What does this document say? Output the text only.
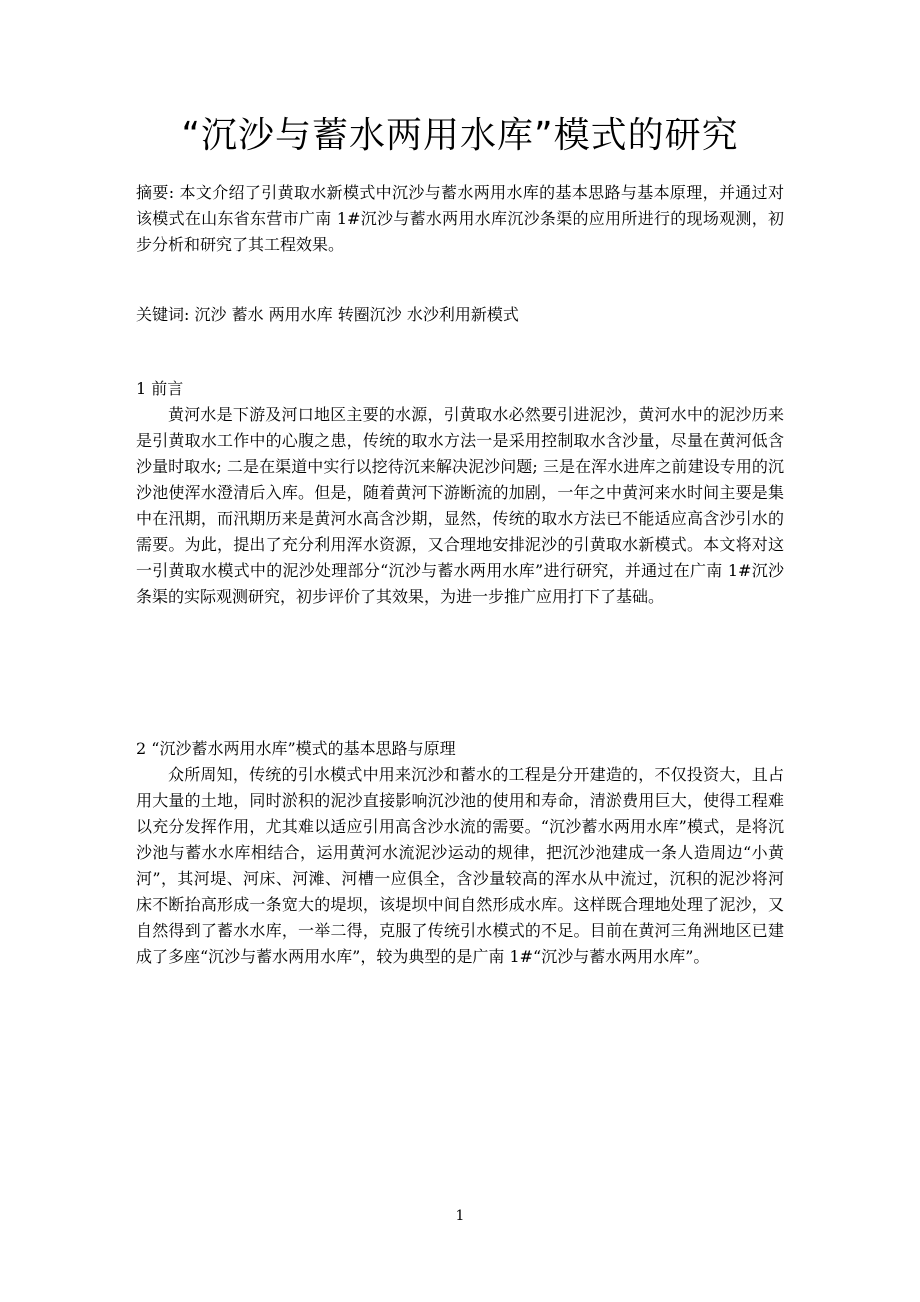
“沉沙与蓄水两用水库”模式的研究

摘要: 本文介绍了引黄取水新模式中沉沙与蓄水两用水库的基本思路与基本原理，并通过对该模式在山东省东营市广南 1#沉沙与蓄水两用水库沉沙条渠的应用所进行的现场观测，初步分析和研究了其工程效果。

关键词: 沉沙 蓄水 两用水库 转圈沉沙 水沙利用新模式

1 前言

黄河水是下游及河口地区主要的水源，引黄取水必然要引进泥沙，黄河水中的泥沙历来是引黄取水工作中的心腹之患，传统的取水方法一是采用控制取水含沙量，尽量在黄河低含沙量时取水; 二是在渠道中实行以挖待沉来解决泥沙问题; 三是在浑水进库之前建设专用的沉沙池使浑水澄清后入库。但是，随着黄河下游断流的加剧，一年之中黄河来水时间主要是集中在汛期，而汛期历来是黄河水高含沙期，显然，传统的取水方法已不能适应高含沙引水的需要。为此，提出了充分利用浑水资源，又合理地安排泥沙的引黄取水新模式。本文将对这一引黄取水模式中的泥沙处理部分“沉沙与蓄水两用水库”进行研究，并通过在广南 1#沉沙条渠的实际观测研究，初步评价了其效果，为进一步推广应用打下了基础。

2 “沉沙蓄水两用水库”模式的基本思路与原理

众所周知，传统的引水模式中用来沉沙和蓄水的工程是分开建造的，不仅投资大，且占用大量的土地，同时淤积的泥沙直接影响沉沙池的使用和寿命，清淤费用巨大，使得工程难以充分发挥作用，尤其难以适应引用高含沙水流的需要。“沉沙蓄水两用水库”模式，是将沉沙池与蓄水水库相结合，运用黄河水流泥沙运动的规律，把沉沙池建成一条人造周边“小黄河”，其河堤、河床、河滩、河槽一应俱全，含沙量较高的浑水从中流过，沉积的泥沙将河床不断抬高形成一条宽大的堤坝，该堤坝中间自然形成水库。这样既合理地处理了泥沙，又自然得到了蓄水水库，一举二得，克服了传统引水模式的不足。目前在黄河三角洲地区已建成了多座“沉沙与蓄水两用水库”，较为典型的是广南 1#“沉沙与蓄水两用水库”。

1
